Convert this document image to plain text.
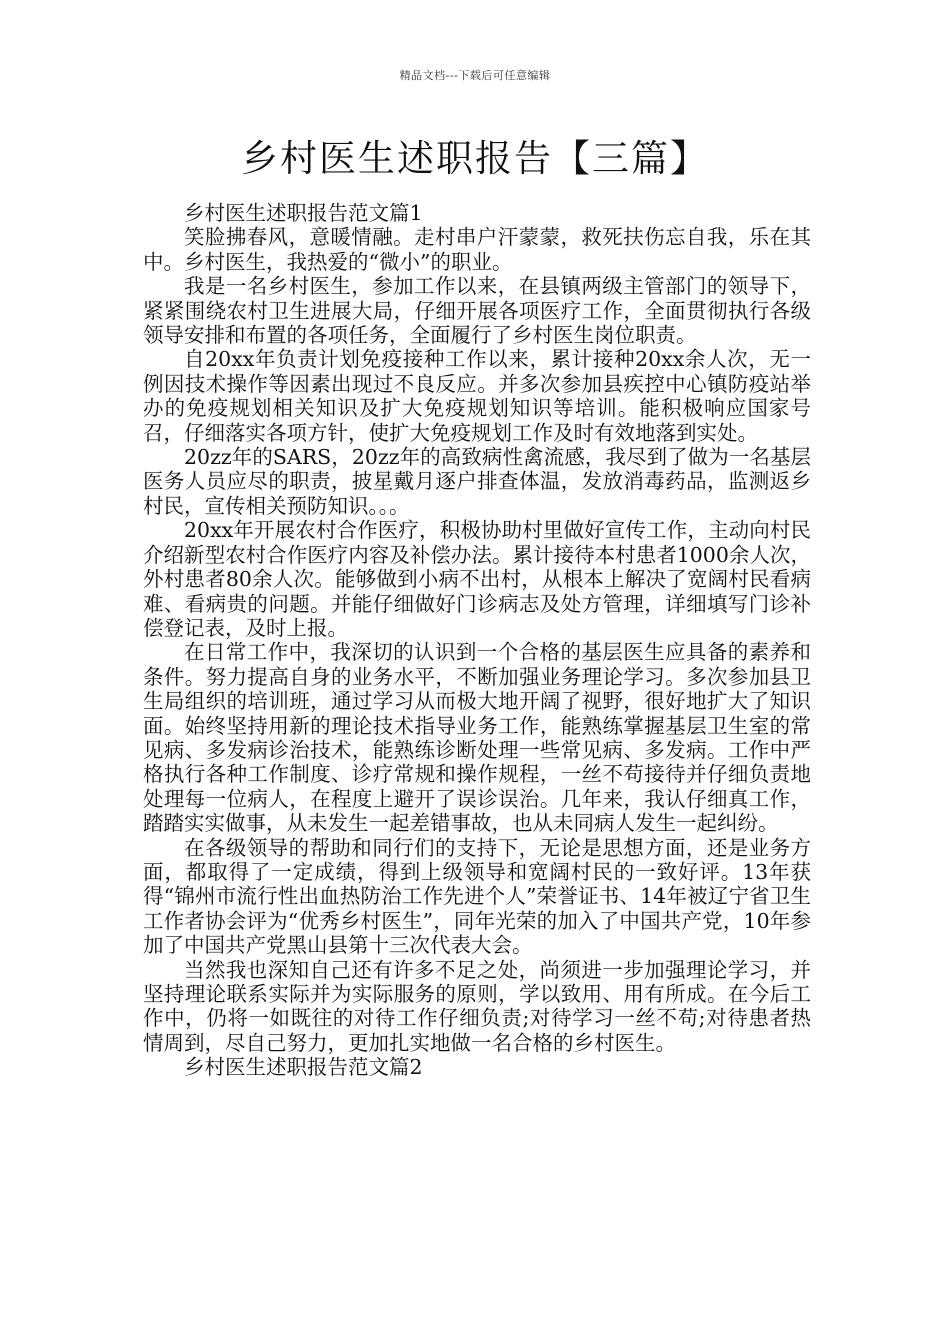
精品文档---下载后可任意编辑
乡村医生述职报告【三篇】

乡村医生述职报告范文篇1

笑脸拂春风，意暖情融。走村串户汗蒙蒙，救死扶伤忘自我，乐在其中。乡村医生，我热爱的“微小”的职业。

我是一名乡村医生，参加工作以来，在县镇两级主管部门的领导下，紧紧围绕农村卫生进展大局，仔细开展各项医疗工作，全面贯彻执行各级领导安排和布置的各项任务，全面履行了乡村医生岗位职责。

自20xx年负责计划免疫接种工作以来，累计接种20xx余人次，无一例因技术操作等因素出现过不良反应。并多次参加县疾控中心镇防疫站举办的免疫规划相关知识及扩大免疫规划知识等培训。能积极响应国家号召，仔细落实各项方针，使扩大免疫规划工作及时有效地落到实处。

20zz年的SARS，20zz年的高致病性禽流感，我尽到了做为一名基层医务人员应尽的职责，披星戴月逐户排查体温，发放消毒药品，监测返乡村民，宣传相关预防知识。。。

20xx年开展农村合作医疗，积极协助村里做好宣传工作，主动向村民介绍新型农村合作医疗内容及补偿办法。累计接待本村患者1000余人次，外村患者80余人次。能够做到小病不出村，从根本上解决了宽阔村民看病难、看病贵的问题。并能仔细做好门诊病志及处方管理，详细填写门诊补偿登记表，及时上报。

在日常工作中，我深切的认识到一个合格的基层医生应具备的素养和条件。努力提高自身的业务水平，不断加强业务理论学习。多次参加县卫生局组织的培训班，通过学习从而极大地开阔了视野，很好地扩大了知识面。始终坚持用新的理论技术指导业务工作，能熟练掌握基层卫生室的常见病、多发病诊治技术，能熟练诊断处理一些常见病、多发病。工作中严格执行各种工作制度、诊疗常规和操作规程，一丝不苟接待并仔细负责地处理每一位病人，在程度上避开了误诊误治。几年来，我认仔细真工作，踏踏实实做事，从未发生一起差错事故，也从未同病人发生一起纠纷。

在各级领导的帮助和同行们的支持下，无论是思想方面，还是业务方面，都取得了一定成绩，得到上级领导和宽阔村民的一致好评。13年获得“锦州市流行性出血热防治工作先进个人”荣誉证书、14年被辽宁省卫生工作者协会评为“优秀乡村医生”，同年光荣的加入了中国共产党，10年参加了中国共产党黑山县第十三次代表大会。

当然我也深知自己还有许多不足之处，尚须进一步加强理论学习，并坚持理论联系实际并为实际服务的原则，学以致用、用有所成。在今后工作中，仍将一如既往的对待工作仔细负责;对待学习一丝不苟;对待患者热情周到，尽自己努力，更加扎实地做一名合格的乡村医生。

乡村医生述职报告范文篇2
